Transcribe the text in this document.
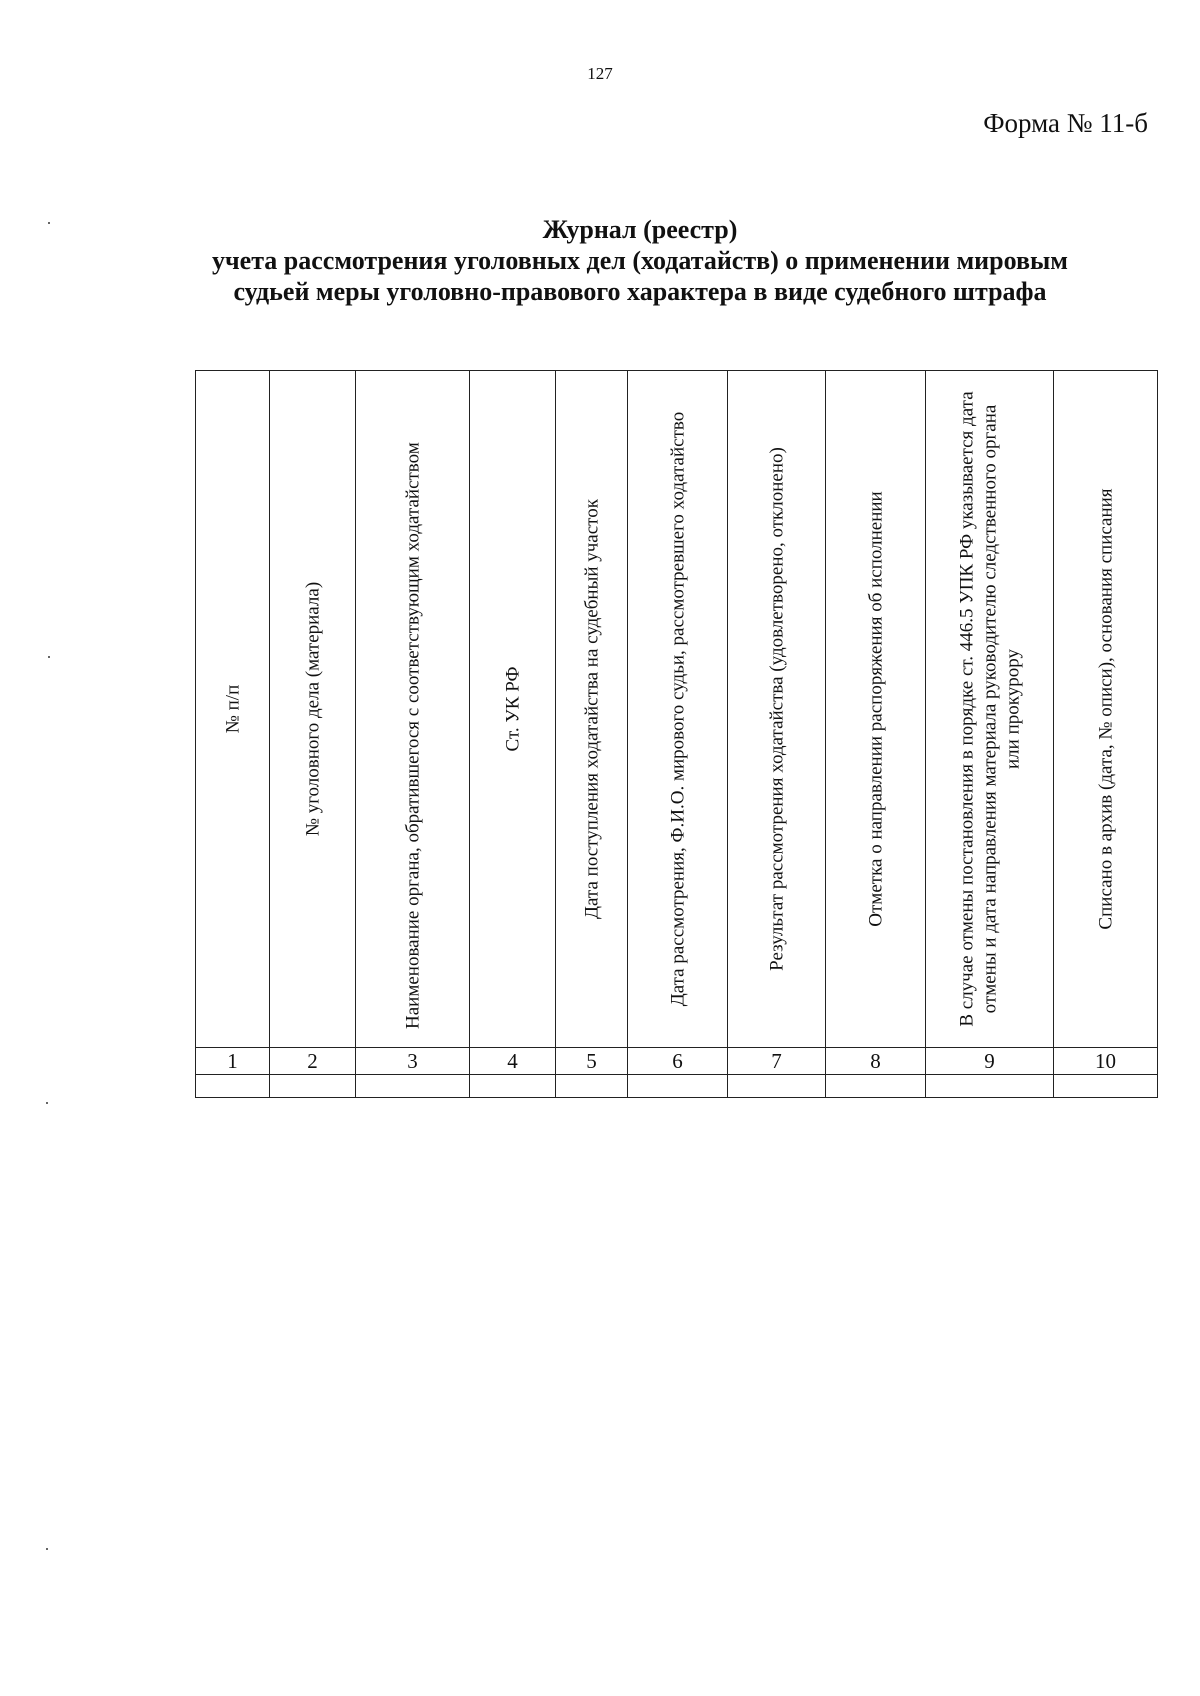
127
Форма № 11-б
Журнал (реестр)
учета рассмотрения уголовных дел (ходатайств) о применении мировым
судьей меры уголовно-правового характера в виде судебного штрафа
№ п/п	№ уголовного дела (материала)	Наименование органа, обратившегося с соответствующим ходатайством	Ст. УК РФ	Дата поступления ходатайства на судебный участок	Дата рассмотрения, Ф.И.О. мирового судьи, рассмотревшего ходатайство	Результат рассмотрения ходатайства (удовлетворено, отклонено)	Отметка о направлении распоряжения об исполнении	В случае отмены постановления в порядке ст. 446.5 УПК РФ указывается дата отмены и дата направления материала руководителю следственного органа или прокурору	Списано в архив (дата, № описи), основания списания

1	2	3	4	5	6	7	8	9	10
